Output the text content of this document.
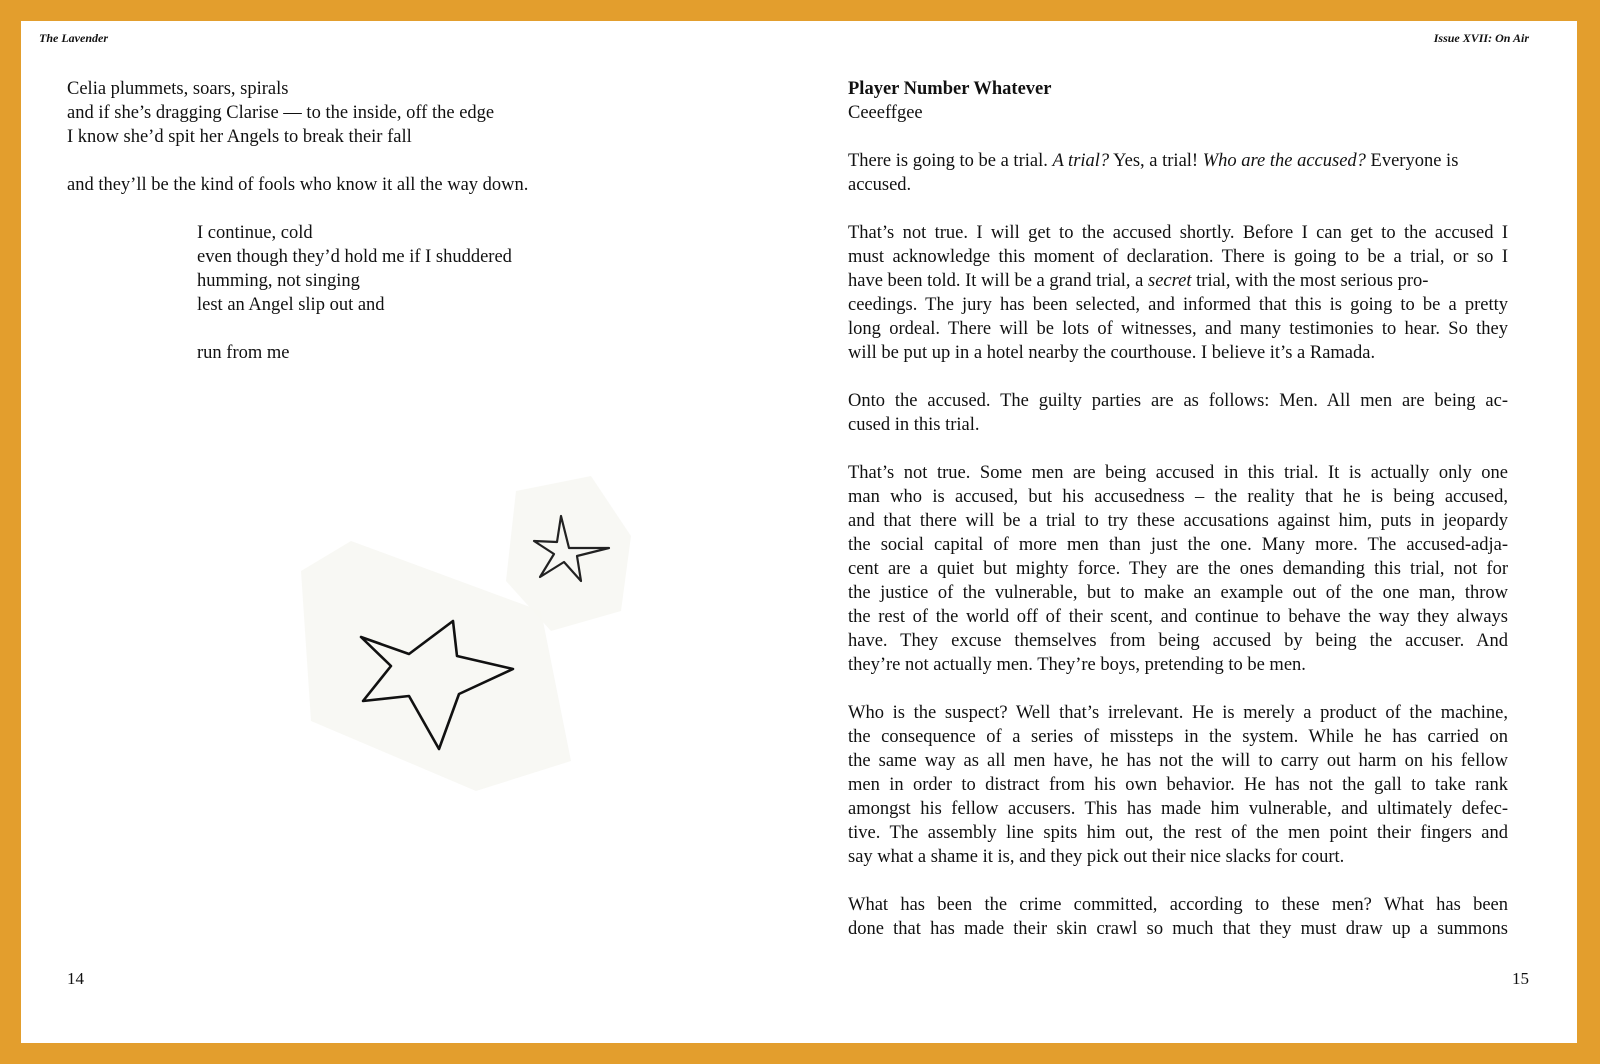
The Lavender	Issue XVII: On Air
Celia plummets, soars, spirals
and if she’s dragging Clarise — to the inside, off the edge
I know she’d spit her Angels to break their fall
and they’ll be the kind of fools who know it all the way down.
I continue, cold
even though they’d hold me if I shuddered
humming, not singing
lest an Angel slip out and
run from me
14
Player Number Whatever
Ceeeffgee
There is going to be a trial. A trial? Yes, a trial! Who are the accused? Everyone is
accused.
That’s not true. I will get to the accused shortly. Before I can get to the accused I
must acknowledge this moment of declaration. There is going to be a trial, or so I
have been told. It will be a grand trial, a secret trial, with the most serious pro-
ceedings. The jury has been selected, and informed that this is going to be a pretty
long ordeal. There will be lots of witnesses, and many testimonies to hear. So they
will be put up in a hotel nearby the courthouse. I believe it’s a Ramada.
Onto the accused. The guilty parties are as follows: Men. All men are being ac-
cused in this trial.
That’s not true. Some men are being accused in this trial. It is actually only one
man who is accused, but his accusedness – the reality that he is being accused,
and that there will be a trial to try these accusations against him, puts in jeopardy
the social capital of more men than just the one. Many more. The accused-adja-
cent are a quiet but mighty force. They are the ones demanding this trial, not for
the justice of the vulnerable, but to make an example out of the one man, throw
the rest of the world off of their scent, and continue to behave the way they always
have. They excuse themselves from being accused by being the accuser. And
they’re not actually men. They’re boys, pretending to be men.
Who is the suspect? Well that’s irrelevant. He is merely a product of the machine,
the consequence of a series of missteps in the system. While he has carried on
the same way as all men have, he has not the will to carry out harm on his fellow
men in order to distract from his own behavior. He has not the gall to take rank
amongst his fellow accusers. This has made him vulnerable, and ultimately defec-
tive. The assembly line spits him out, the rest of the men point their fingers and
say what a shame it is, and they pick out their nice slacks for court.
What has been the crime committed, according to these men? What has been
done that has made their skin crawl so much that they must draw up a summons
15
